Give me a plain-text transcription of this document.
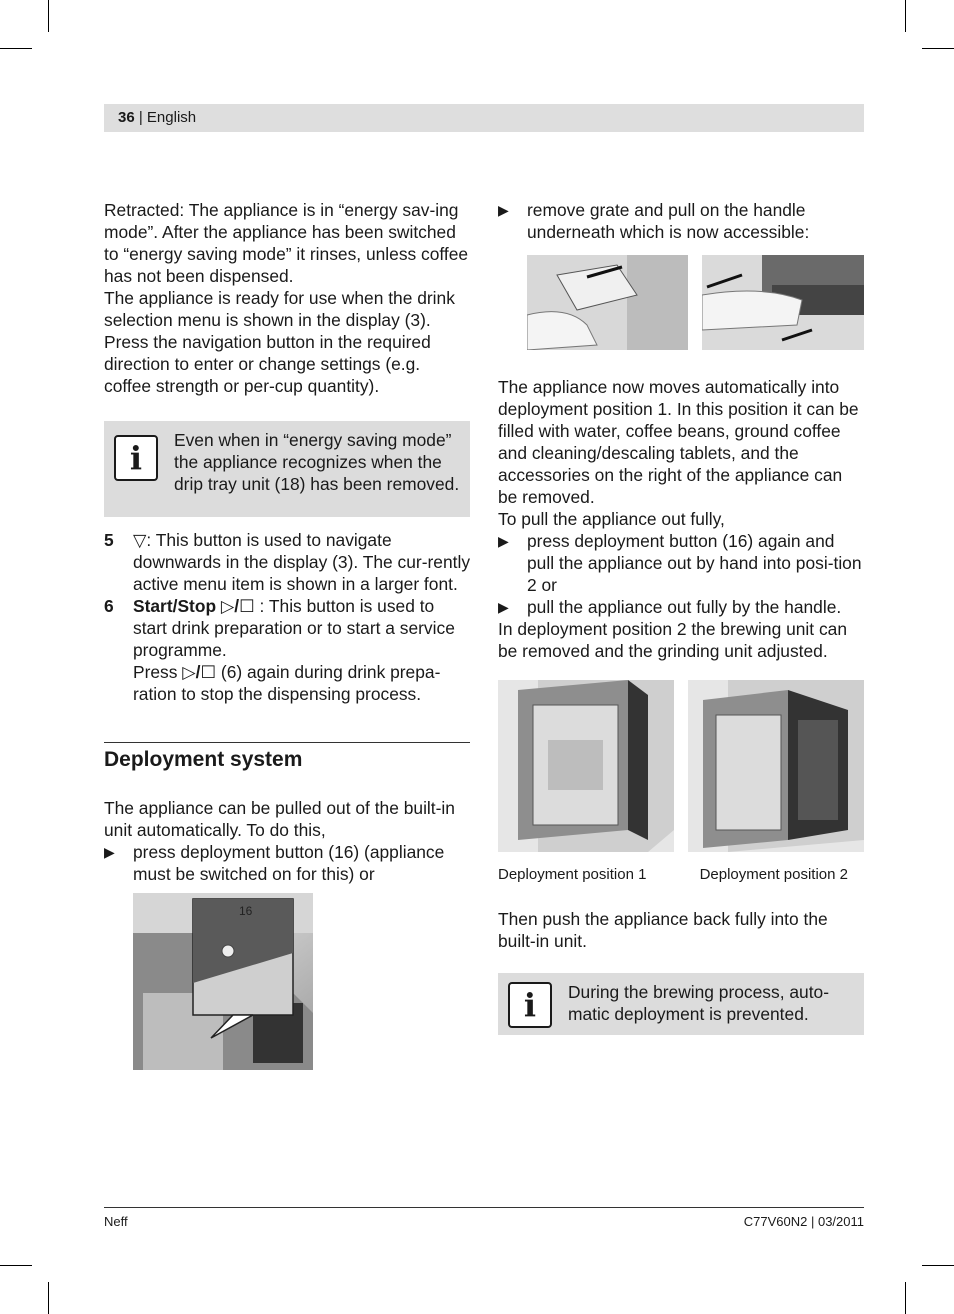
36 | English

Retracted: The appliance is in “energy sav-ing mode”. After the appliance has been switched to “energy saving mode” it rinses, unless coffee has not been dispensed.

The appliance is ready for use when the drink selection menu is shown in the display (3). Press the navigation button in the required direction to enter or change settings (e.g. coffee strength or per-cup quantity).

i	Even when in “energy saving mode” the appliance recognizes when the drip tray unit (18) has been removed.

5 ▽: This button is used to navigate downwards in the display (3). The cur-rently active menu item is shown in a larger font.
6 Start/Stop ▷/☐ : This button is used to start drink preparation or to start a service programme.
Press ▷/☐ (6) again during drink prepa-ration to stop the dispensing process.
Deployment system

The appliance can be pulled out of the built-in unit automatically. To do this,

▶ press deployment button (16) (appliance must be switched on for this) or
16
▶ remove grate and pull on the handle underneath which is now accessible:

The appliance now moves automatically into deployment position 1. In this position it can be filled with water, coffee beans, ground coffee and cleaning/descaling tablets, and the accessories on the right of the appliance can be removed.

To pull the appliance out fully,

▶ press deployment button (16) again and pull the appliance out by hand into posi-tion 2 or
▶ pull the appliance out fully by the handle.

In deployment position 2 the brewing unit can be removed and the grinding unit adjusted.

Deployment position 1	Deployment position 2

Then push the appliance back fully into the built-in unit.

i	During the brewing process, auto-matic deployment is prevented.

Neff	C77V60N2 | 03/2011
